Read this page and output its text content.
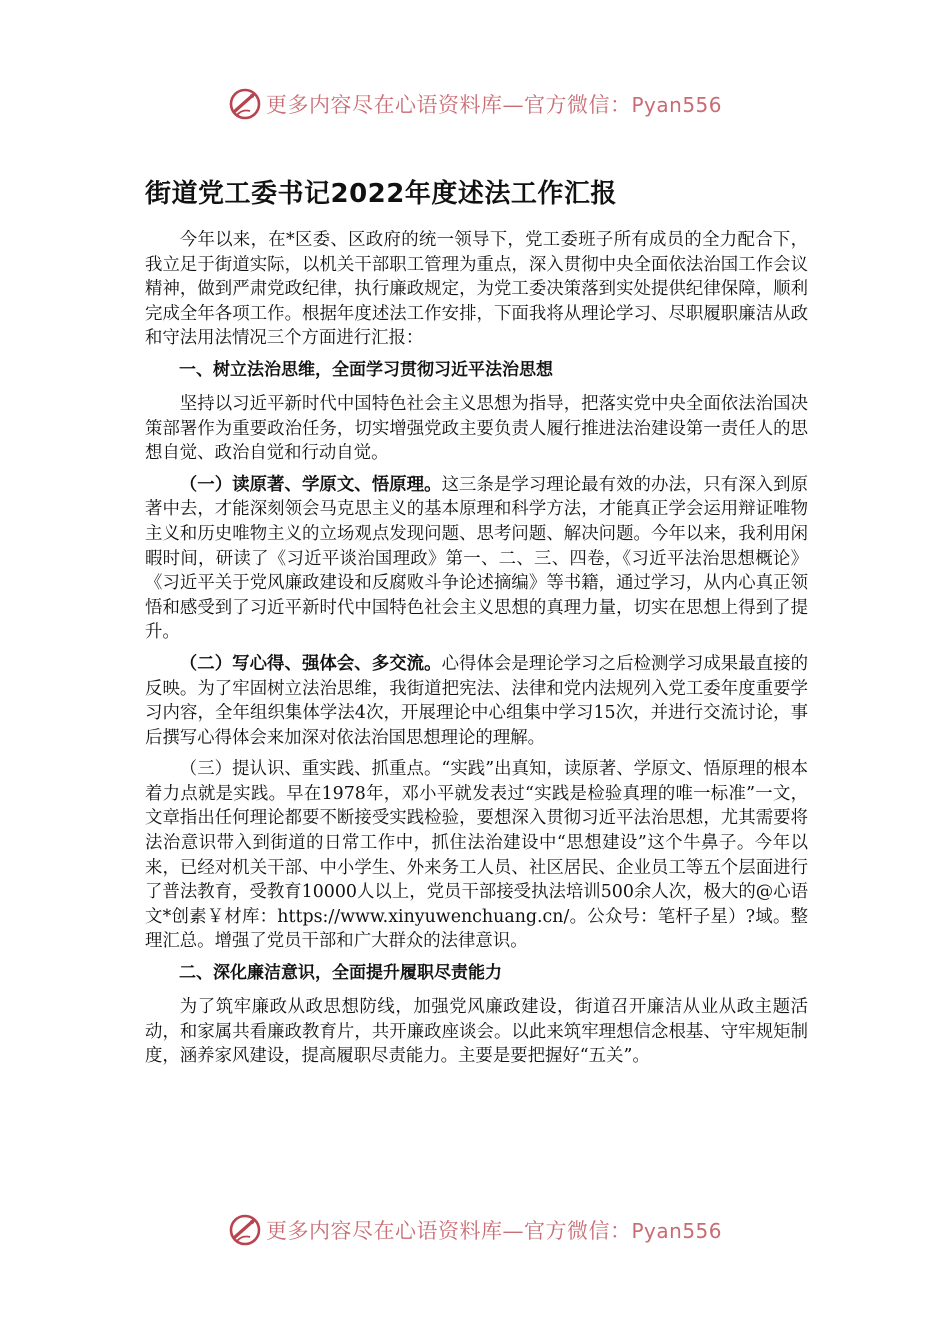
更多内容尽在心语资料库—官方微信：Pyan556
街道党工委书记2022年度述法工作汇报

今年以来，在*区委、区政府的统一领导下，党工委班子所有成员的全力配合下，我立足于街道实际，以机关干部职工管理为重点，深入贯彻中央全面依法治国工作会议精神，做到严肃党政纪律，执行廉政规定，为党工委决策落到实处提供纪律保障，顺利完成全年各项工作。根据年度述法工作安排，下面我将从理论学习、尽职履职廉洁从政和守法用法情况三个方面进行汇报：

一、树立法治思维，全面学习贯彻习近平法治思想

坚持以习近平新时代中国特色社会主义思想为指导，把落实党中央全面依法治国决策部署作为重要政治任务，切实增强党政主要负责人履行推进法治建设第一责任人的思想自觉、政治自觉和行动自觉。

（一）读原著、学原文、悟原理。这三条是学习理论最有效的办法，只有深入到原著中去，才能深刻领会马克思主义的基本原理和科学方法，才能真正学会运用辩证唯物主义和历史唯物主义的立场观点发现问题、思考问题、解决问题。今年以来，我利用闲暇时间，研读了《习近平谈治国理政》第一、二、三、四卷，《习近平法治思想概论》《习近平关于党风廉政建设和反腐败斗争论述摘编》等书籍，通过学习，从内心真正领悟和感受到了习近平新时代中国特色社会主义思想的真理力量，切实在思想上得到了提升。

（二）写心得、强体会、多交流。心得体会是理论学习之后检测学习成果最直接的反映。为了牢固树立法治思维，我街道把宪法、法律和党内法规列入党工委年度重要学习内容，全年组织集体学法4次，开展理论中心组集中学习15次，并进行交流讨论，事后撰写心得体会来加深对依法治国思想理论的理解。

（三）提认识、重实践、抓重点。“实践”出真知，读原著、学原文、悟原理的根本着力点就是实践。早在1978年，邓小平就发表过“实践是检验真理的唯一标准”一文，文章指出任何理论都要不断接受实践检验，要想深入贯彻习近平法治思想，尤其需要将法治意识带入到街道的日常工作中，抓住法治建设中“思想建设”这个牛鼻子。今年以来，已经对机关干部、中小学生、外来务工人员、社区居民、企业员工等五个层面进行了普法教育，受教育10000人以上，党员干部接受执法培训500余人次，极大的@心语文*创素￥材库：https://www.xinyuwenchuang.cn/。公众号：笔杆子星）?域。整理汇总。增强了党员干部和广大群众的法律意识。

二、深化廉洁意识，全面提升履职尽责能力

为了筑牢廉政从政思想防线，加强党风廉政建设，街道召开廉洁从业从政主题活动，和家属共看廉政教育片，共开廉政座谈会。以此来筑牢理想信念根基、守牢规矩制度，涵养家风建设，提高履职尽责能力。主要是要把握好“五关”。

更多内容尽在心语资料库—官方微信：Pyan556
